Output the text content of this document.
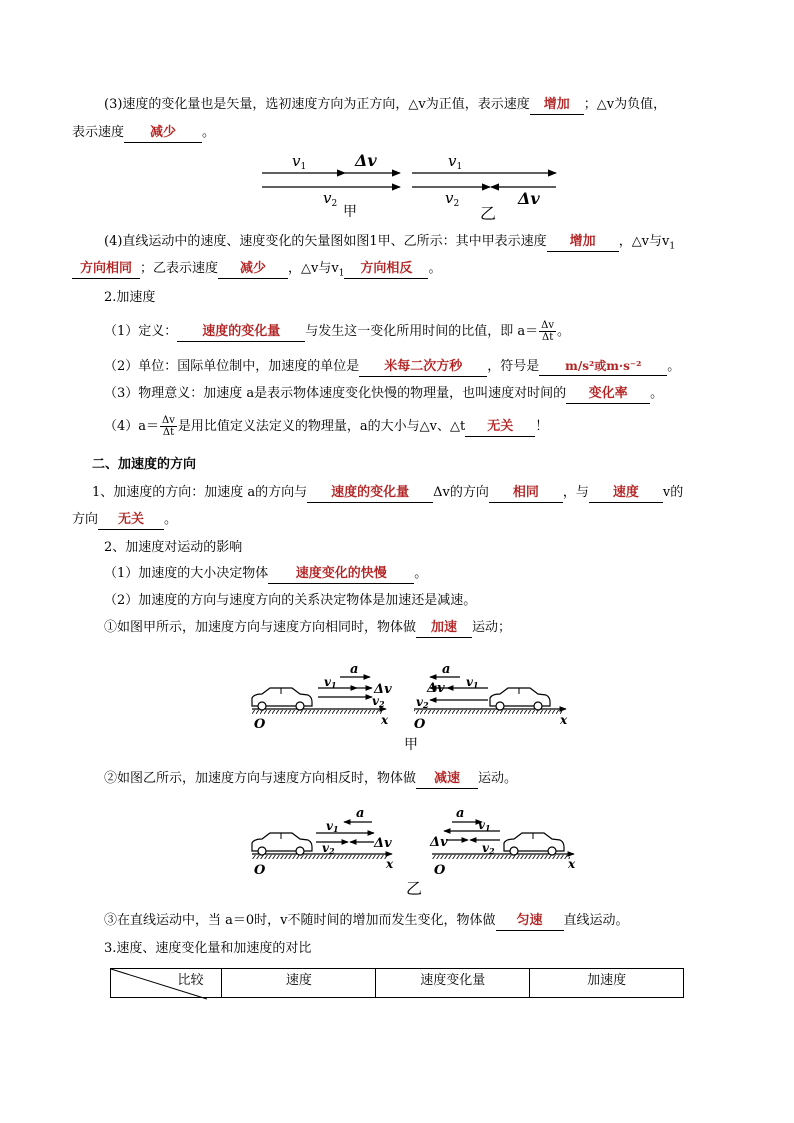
(3)速度的变化量也是矢量，选初速度方向为正方向，△v为正值，表示速度 增加 ；△v为负值，
表示速度 减少 。
$v_1$	Δv
$v_2$
$v_1$
$v_2$	Δv
甲	乙
(4)直线运动中的速度、速度变化的矢量图如图1甲、乙所示：其中甲表示速度 增加 ，△v与$v_1$
方向相同 ；乙表示速度 减少 ，△v与$v_1$ 方向相反 。
2.加速度
（1）定义： 速度的变化量 与发生这一变化所用时间的比值，即 $a= \frac{\Delta v}{\Delta t}$ 。
（2）单位：国际单位制中，加速度的单位是 米每二次方秒 ，符号是 m/s²或m·s⁻² 。
（3）物理意义：加速度 a是表示物体速度变化快慢的物理量，也叫速度对时间的 变化率 。
$(4)a= \frac{\Delta v}{\Delta t}$ 是用比值定义法定义的物理量，a的大小与△v、△t 无关 ！
二、加速度的方向
1、加速度的方向：加速度 a的方向与 速度的变化量 Δv的方向 相同 ，与 速度 v的
方向 无关 。
2、加速度对运动的影响
（1）加速度的大小决定物体 速度变化的快慢 。
（2）加速度的方向与速度方向的关系决定物体是加速还是减速。
①如图甲所示，加速度方向与速度方向相同时，物体做 加速 运动；
a
v1	Δv
v2
O	x
a
Δv v1
v2
O	x
甲
②如图乙所示，加速度方向与速度方向相反时，物体做 减速 运动。
a
v1
v2	Δv
O	x
a
v1
Δv	v2
O	x
乙
③在直线运动中，当 a＝0时，v不随时间的增加而发生变化，物体做 匀速 直线运动。
3.速度、速度变化量和加速度的对比
比较	速度	速度变化量	加速度
